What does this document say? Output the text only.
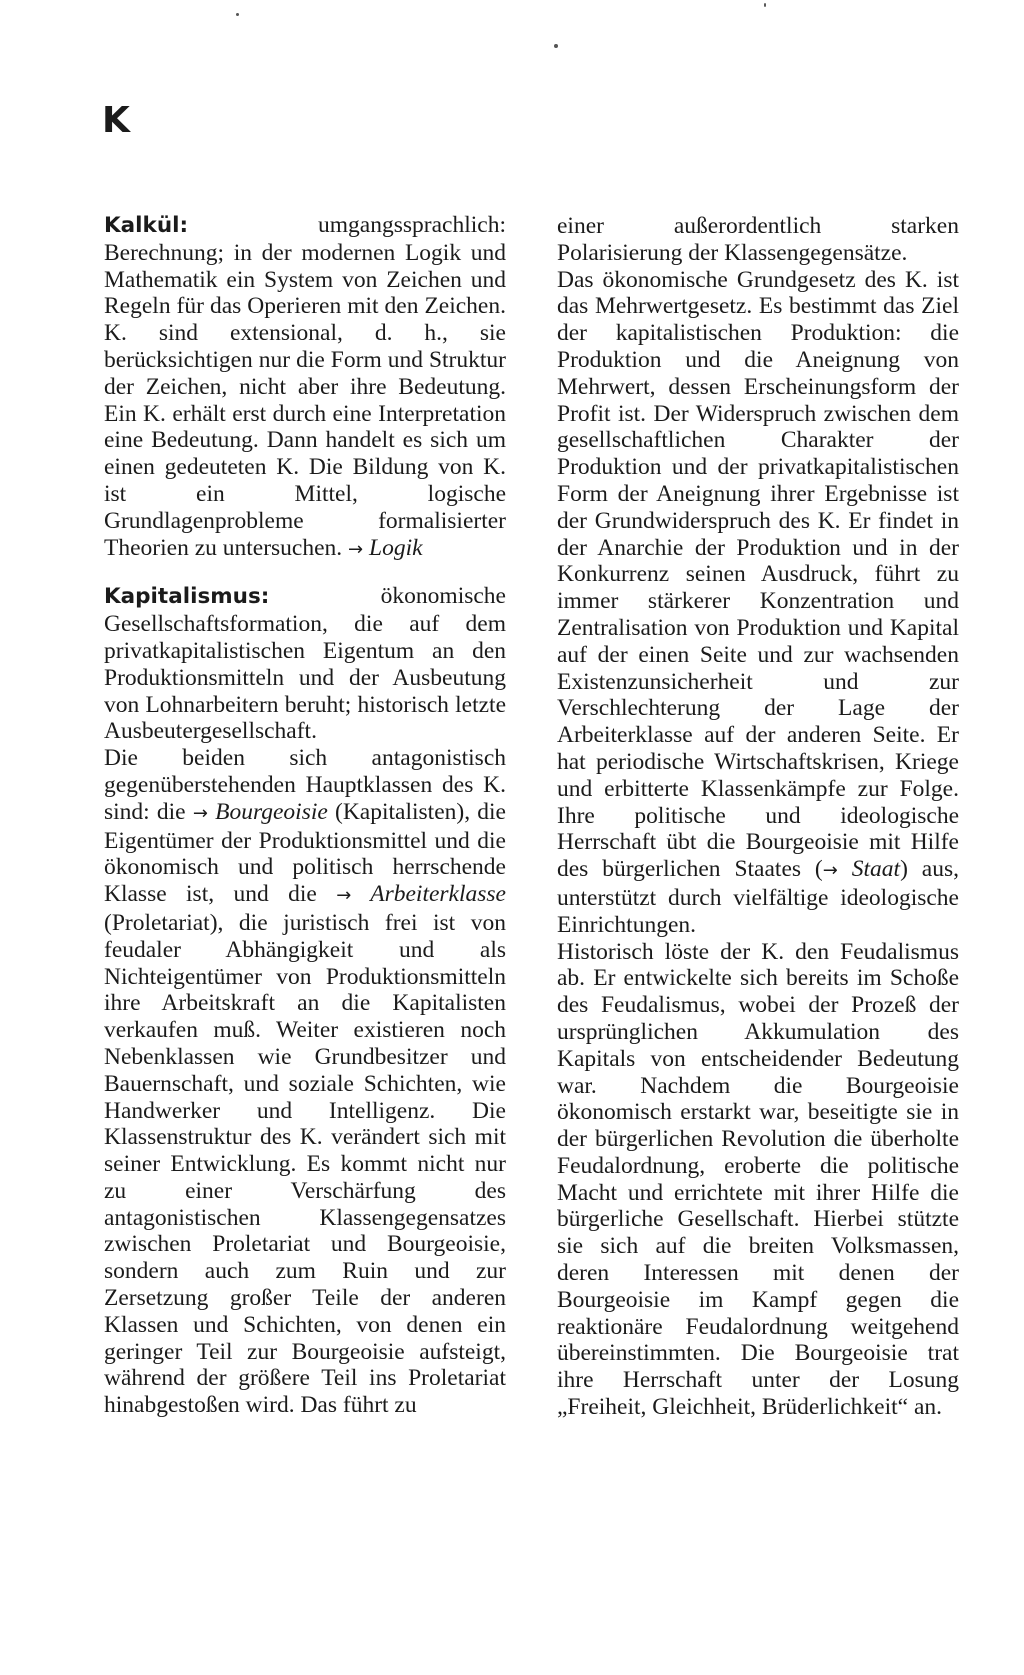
K

Kalkül: umgangssprachlich: Berechnung; in der modernen Logik und Mathematik ein System von Zeichen und Regeln für das Operieren mit den Zeichen. K. sind extensional, d. h., sie berücksichtigen nur die Form und Struktur der Zeichen, nicht aber ihre Bedeutung. Ein K. erhält erst durch eine Interpretation eine Bedeutung. Dann handelt es sich um einen gedeuteten K. Die Bildung von K. ist ein Mittel, logische Grundlagenprobleme formalisierter Theorien zu untersuchen. → Logik

Kapitalismus: ökonomische Gesellschaftsformation, die auf dem privatkapitalistischen Eigentum an den Produktionsmitteln und der Ausbeutung von Lohnarbeitern beruht; historisch letzte Ausbeutergesellschaft.

Die beiden sich antagonistisch gegenüberstehenden Hauptklassen des K. sind: die → Bourgeoisie (Kapitalisten), die Eigentümer der Produktionsmittel und die ökonomisch und politisch herrschende Klasse ist, und die → Arbeiterklasse (Proletariat), die juristisch frei ist von feudaler Abhängigkeit und als Nichteigentümer von Produktionsmitteln ihre Arbeitskraft an die Kapitalisten verkaufen muß. Weiter existieren noch Nebenklassen wie Grundbesitzer und Bauernschaft, und soziale Schichten, wie Handwerker und Intelligenz. Die Klassenstruktur des K. verändert sich mit seiner Entwicklung. Es kommt nicht nur zu einer Verschärfung des antagonistischen Klassengegensatzes zwischen Proletariat und Bourgeoisie, sondern auch zum Ruin und zur Zersetzung großer Teile der anderen Klassen und Schichten, von denen ein geringer Teil zur Bourgeoisie aufsteigt, während der größere Teil ins Proletariat hinabgestoßen wird. Das führt zu

einer außerordentlich starken Polarisierung der Klassengegensätze.

Das ökonomische Grundgesetz des K. ist das Mehrwertgesetz. Es bestimmt das Ziel der kapitalistischen Produktion: die Produktion und die Aneignung von Mehrwert, dessen Erscheinungsform der Profit ist. Der Widerspruch zwischen dem gesellschaftlichen Charakter der Produktion und der privatkapitalistischen Form der Aneignung ihrer Ergebnisse ist der Grundwiderspruch des K. Er findet in der Anarchie der Produktion und in der Konkurrenz seinen Ausdruck, führt zu immer stärkerer Konzentration und Zentralisation von Produktion und Kapital auf der einen Seite und zur wachsenden Existenzunsicherheit und zur Verschlechterung der Lage der Arbeiterklasse auf der anderen Seite. Er hat periodische Wirtschaftskrisen, Kriege und erbitterte Klassenkämpfe zur Folge. Ihre politische und ideologische Herrschaft übt die Bourgeoisie mit Hilfe des bürgerlichen Staates (→ Staat) aus, unterstützt durch vielfältige ideologische Einrichtungen.

Historisch löste der K. den Feudalismus ab. Er entwickelte sich bereits im Schoße des Feudalismus, wobei der Prozeß der ursprünglichen Akkumulation des Kapitals von entscheidender Bedeutung war. Nachdem die Bourgeoisie ökonomisch erstarkt war, beseitigte sie in der bürgerlichen Revolution die überholte Feudalordnung, eroberte die politische Macht und errichtete mit ihrer Hilfe die bürgerliche Gesellschaft. Hierbei stützte sie sich auf die breiten Volksmassen, deren Interessen mit denen der Bourgeoisie im Kampf gegen die reaktionäre Feudalordnung weitgehend übereinstimmten. Die Bourgeoisie trat ihre Herrschaft unter der Losung „Freiheit, Gleichheit, Brüderlichkeit“ an.
